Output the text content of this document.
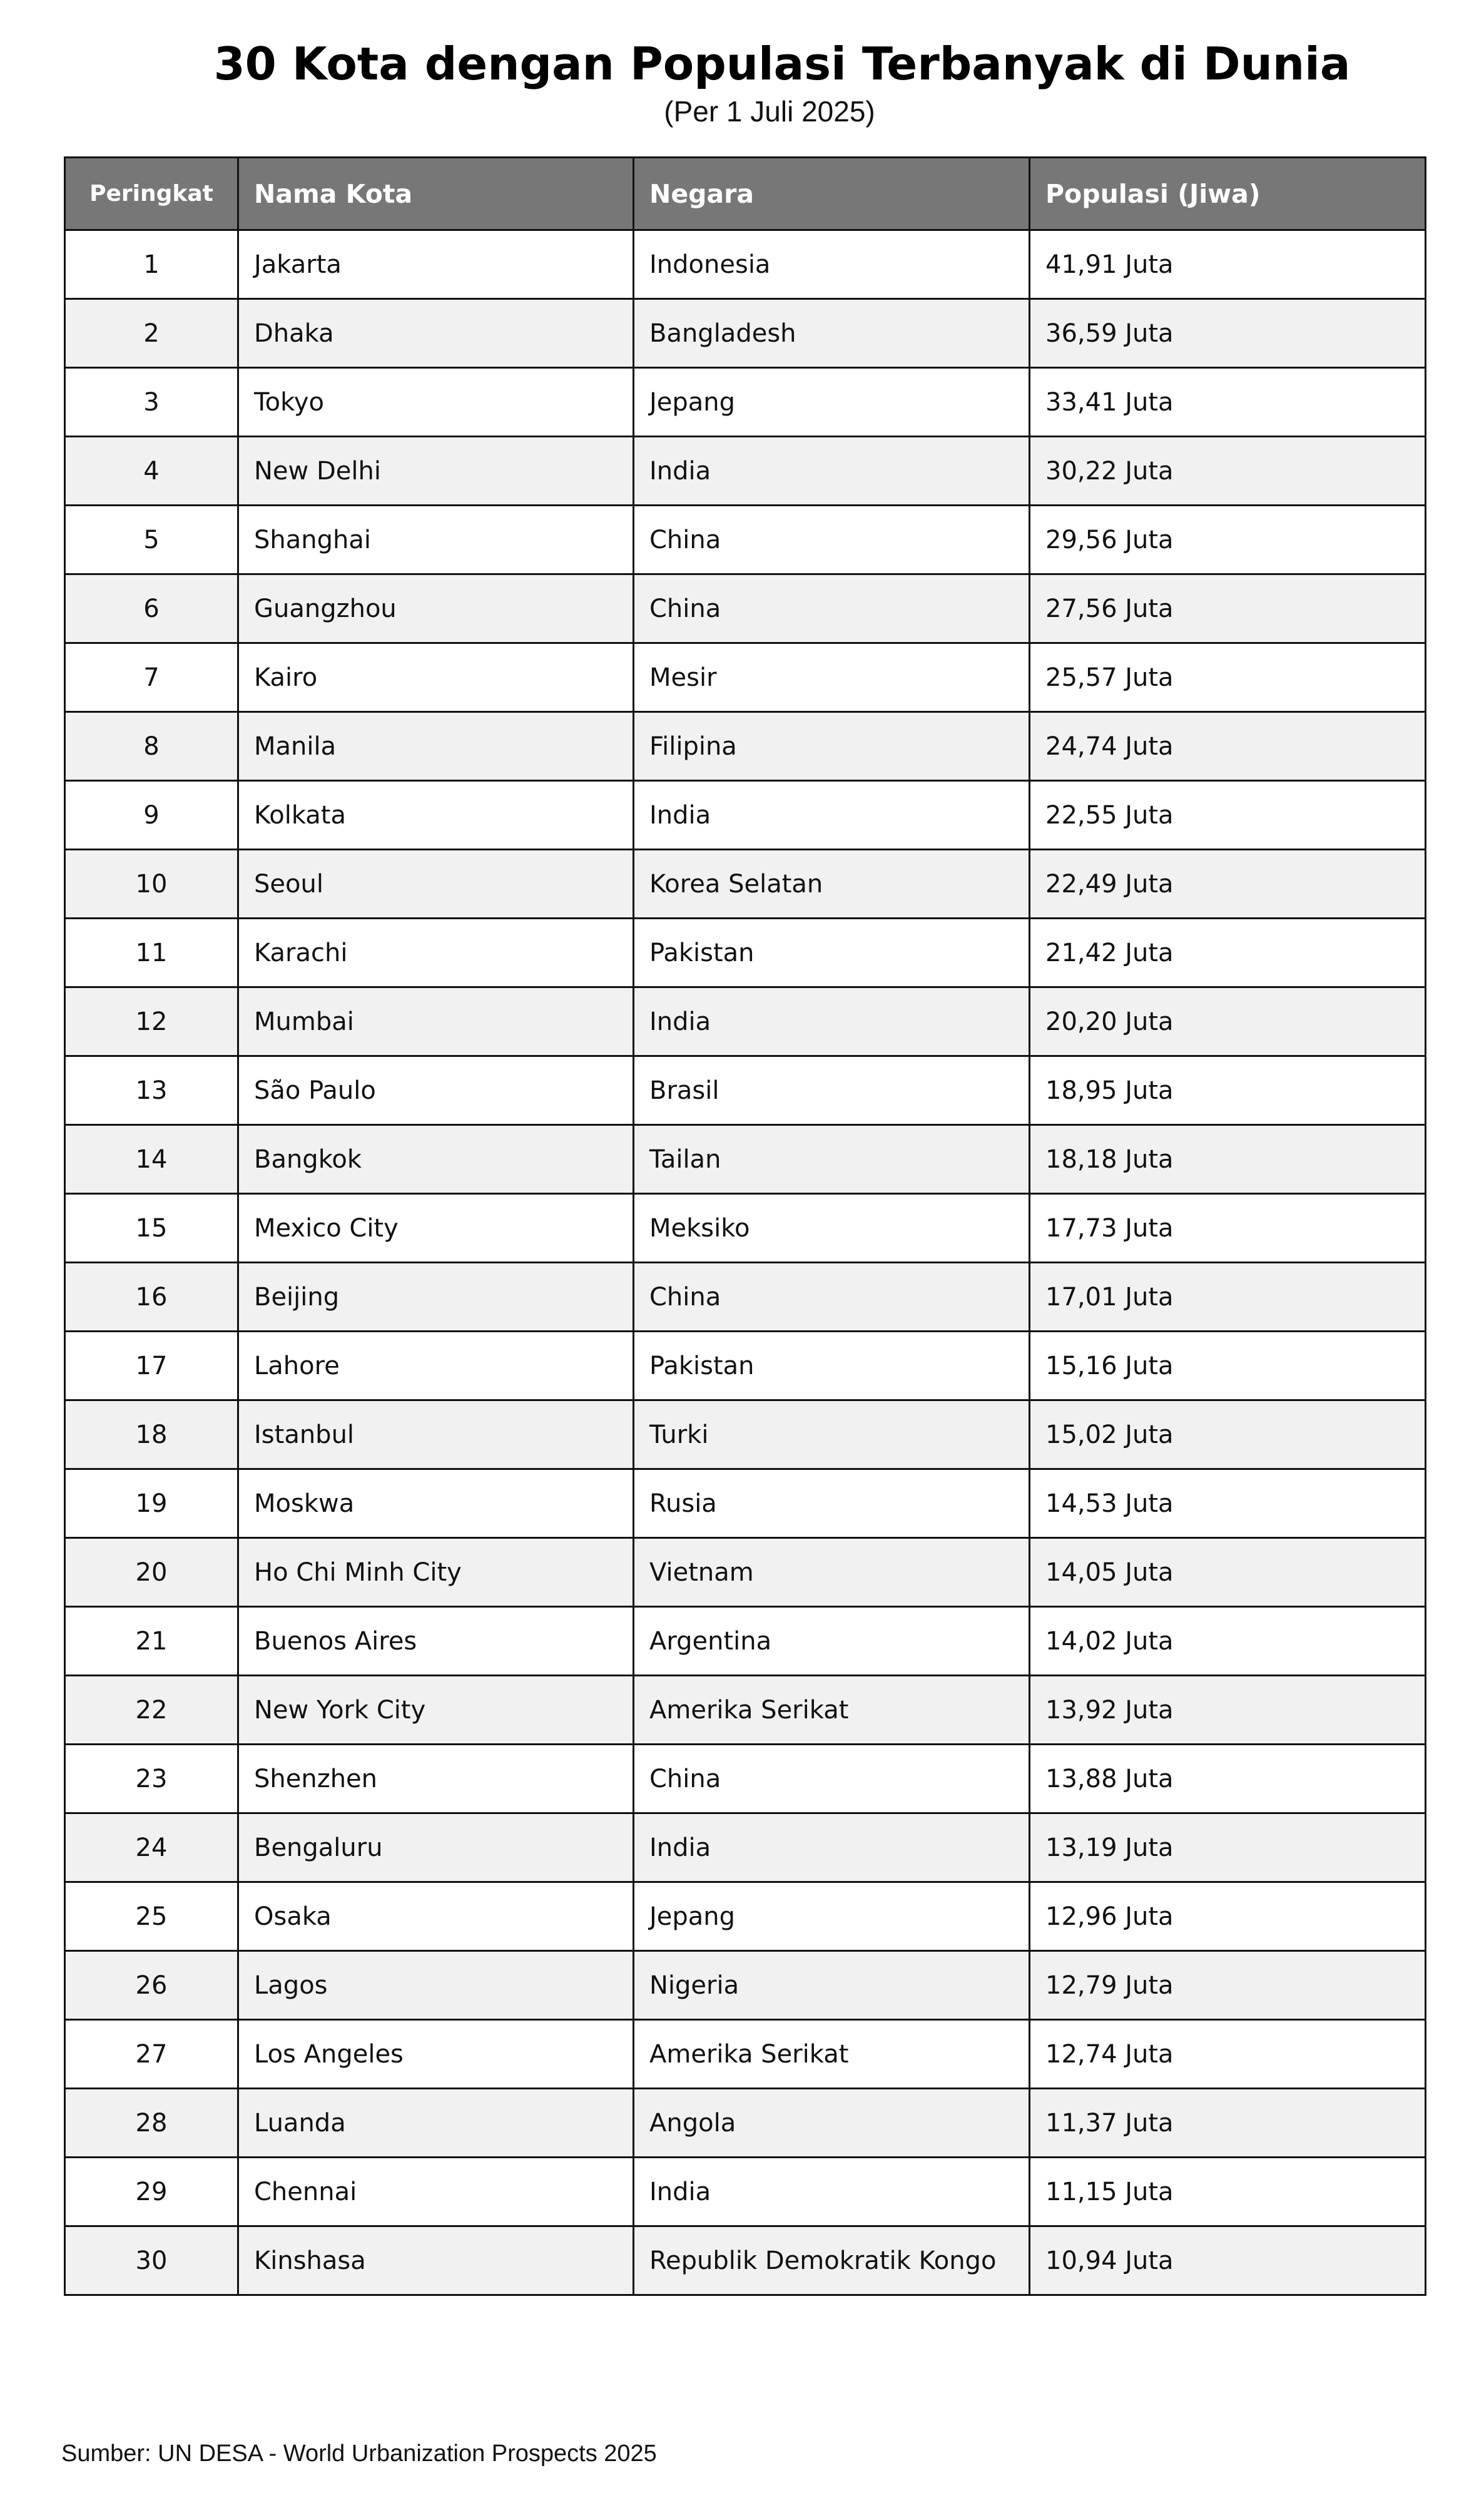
30 Kota dengan Populasi Terbanyak di Dunia
(Per 1 Juli 2025)
Peringkat	Nama Kota	Negara	Populasi (Jiwa)
1	Jakarta	Indonesia	41,91 Juta
2	Dhaka	Bangladesh	36,59 Juta
3	Tokyo	Jepang	33,41 Juta
4	New Delhi	India	30,22 Juta
5	Shanghai	China	29,56 Juta
6	Guangzhou	China	27,56 Juta
7	Kairo	Mesir	25,57 Juta
8	Manila	Filipina	24,74 Juta
9	Kolkata	India	22,55 Juta
10	Seoul	Korea Selatan	22,49 Juta
11	Karachi	Pakistan	21,42 Juta
12	Mumbai	India	20,20 Juta
13	São Paulo	Brasil	18,95 Juta
14	Bangkok	Tailan	18,18 Juta
15	Mexico City	Meksiko	17,73 Juta
16	Beijing	China	17,01 Juta
17	Lahore	Pakistan	15,16 Juta
18	Istanbul	Turki	15,02 Juta
19	Moskwa	Rusia	14,53 Juta
20	Ho Chi Minh City	Vietnam	14,05 Juta
21	Buenos Aires	Argentina	14,02 Juta
22	New York City	Amerika Serikat	13,92 Juta
23	Shenzhen	China	13,88 Juta
24	Bengaluru	India	13,19 Juta
25	Osaka	Jepang	12,96 Juta
26	Lagos	Nigeria	12,79 Juta
27	Los Angeles	Amerika Serikat	12,74 Juta
28	Luanda	Angola	11,37 Juta
29	Chennai	India	11,15 Juta
30	Kinshasa	Republik Demokratik Kongo	10,94 Juta
Sumber: UN DESA - World Urbanization Prospects 2025
